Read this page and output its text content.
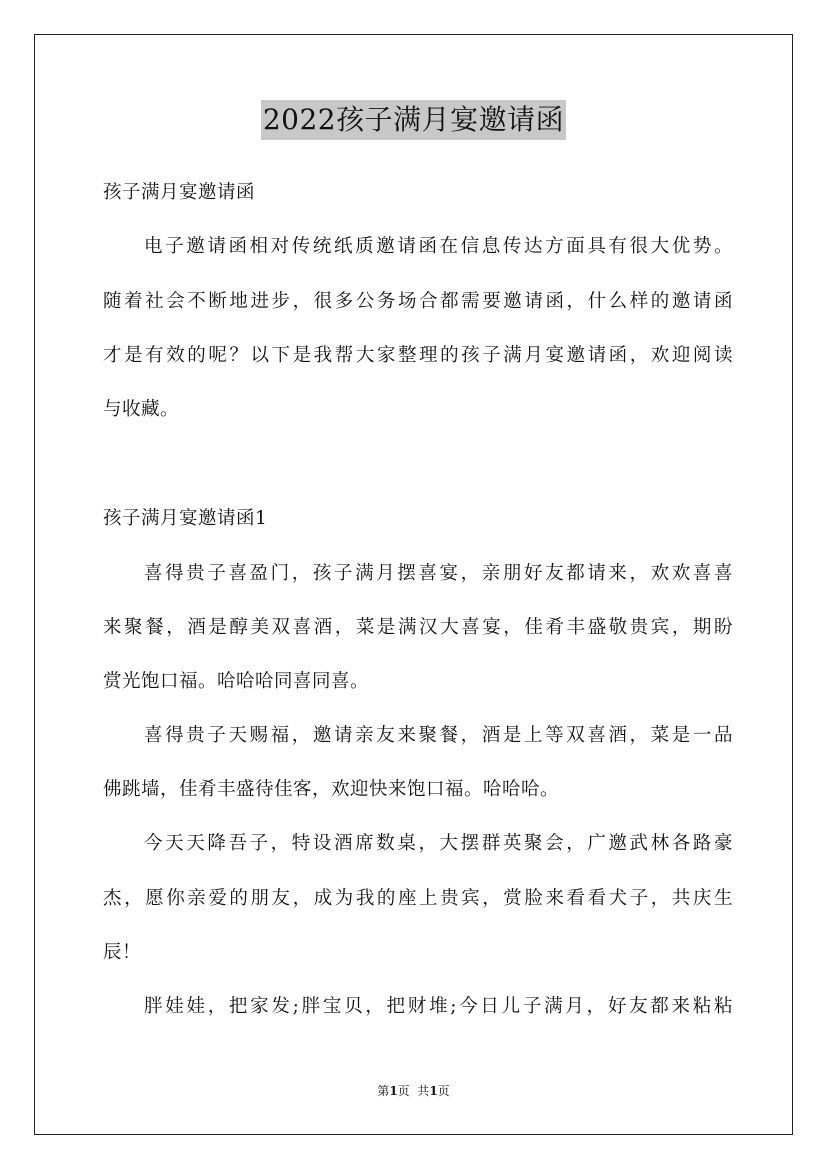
2022孩子满月宴邀请函
孩子满月宴邀请函
电子邀请函相对传统纸质邀请函在信息传达方面具有很大优势。
随着社会不断地进步，很多公务场合都需要邀请函，什么样的邀请函
才是有效的呢？以下是我帮大家整理的孩子满月宴邀请函，欢迎阅读
与收藏。
孩子满月宴邀请函1
喜得贵子喜盈门，孩子满月摆喜宴，亲朋好友都请来，欢欢喜喜
来聚餐，酒是醇美双喜酒，菜是满汉大喜宴，佳肴丰盛敬贵宾，期盼
赏光饱口福。哈哈哈同喜同喜。
喜得贵子天赐福，邀请亲友来聚餐，酒是上等双喜酒，菜是一品
佛跳墙，佳肴丰盛待佳客，欢迎快来饱口福。哈哈哈。
今天天降吾子，特设酒席数桌，大摆群英聚会，广邀武林各路豪
杰，愿你亲爱的朋友，成为我的座上贵宾，赏脸来看看犬子，共庆生
辰！
胖娃娃，把家发;胖宝贝，把财堆;今日儿子满月，好友都来粘粘
第1页  共1页
